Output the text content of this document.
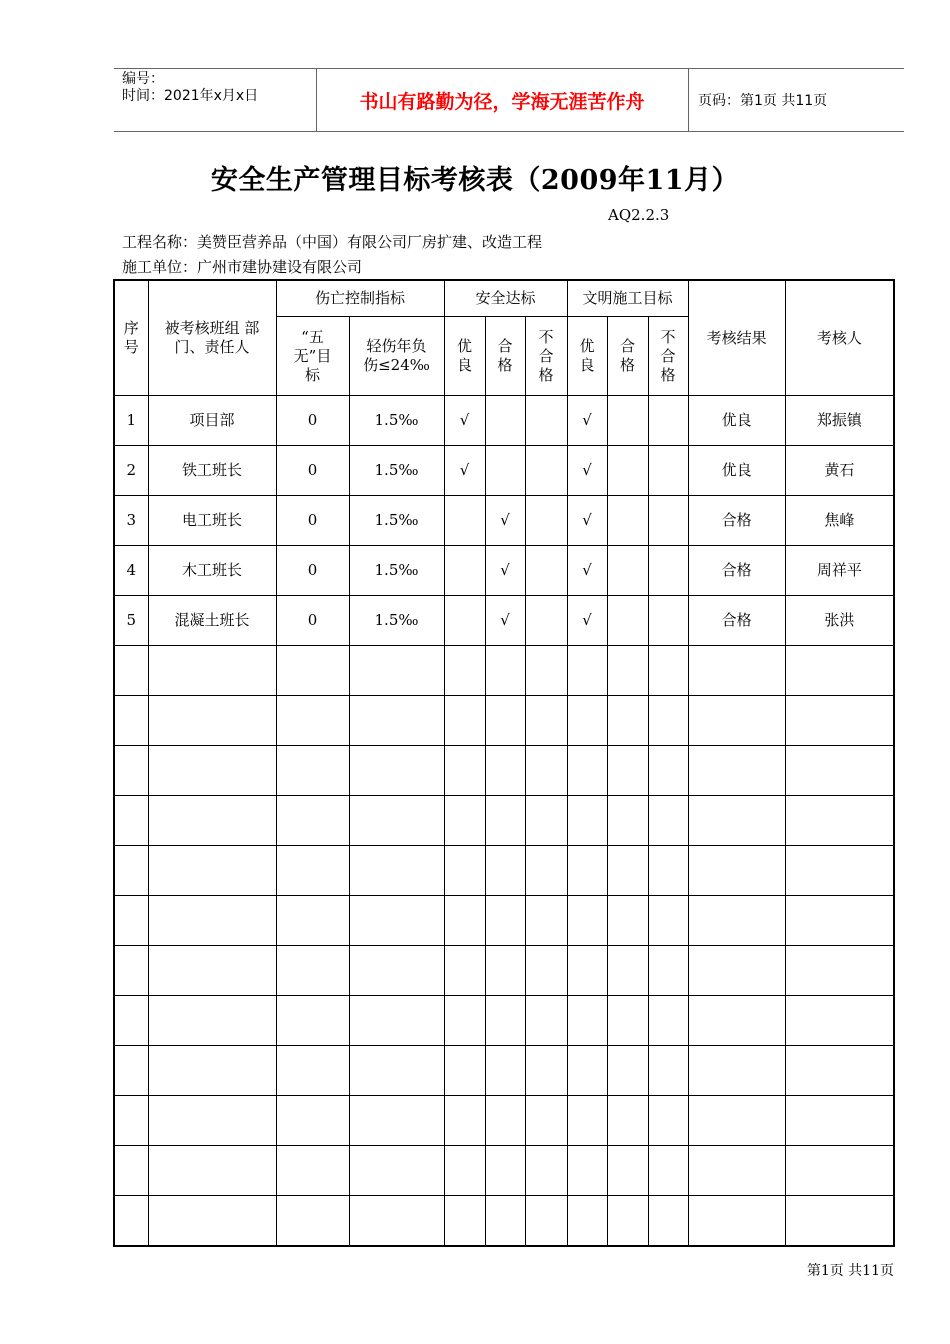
编号：
时间：2021年x月x日	书山有路勤为径，学海无涯苦作舟	页码：第1页 共11页
安全生产管理目标考核表（2009年11月）
AQ2.2.3
工程名称：美赞臣营养品（中国）有限公司厂房扩建、改造工程
施工单位：广州市建协建设有限公司
序号	被考核班组 部门、责任人	伤亡控制指标		安全达标			文明施工目标			考核结果	考核人
		“五无”目标	轻伤年负伤≤24‰	优良	合格	不合格	优良	合格	不合格		
1	项目部	0	1.5‰	√			√			优良	郑振镇
2	铁工班长	0	1.5‰	√			√			优良	黄石
3	电工班长	0	1.5‰		√		√			合格	焦峰
4	木工班长	0	1.5‰		√		√			合格	周祥平
5	混凝土班长	0	1.5‰		√		√			合格	张洪

第1页 共11页
